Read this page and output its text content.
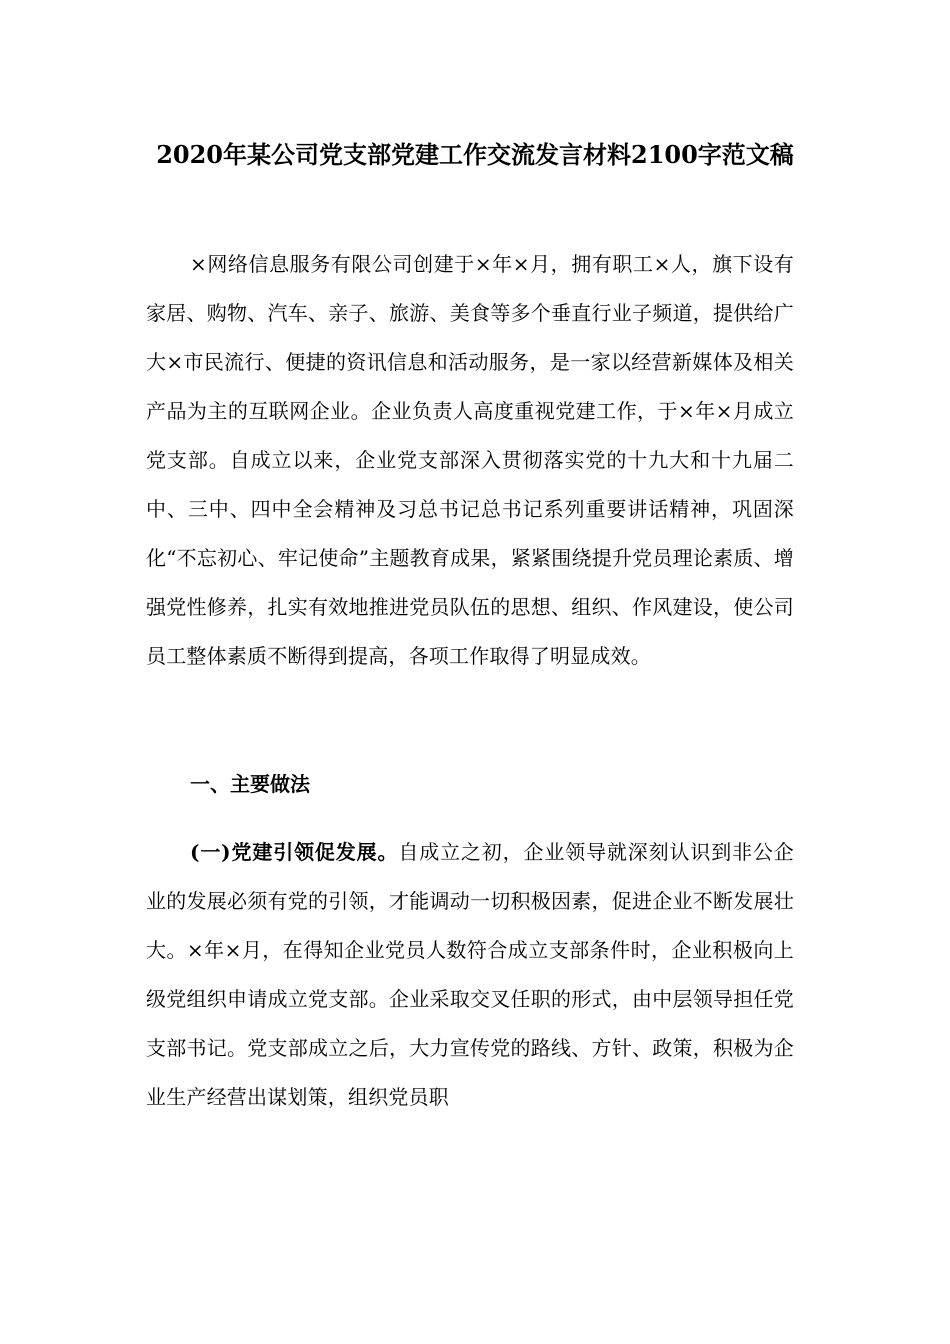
2020年某公司党支部党建工作交流发言材料2100字范文稿
×网络信息服务有限公司创建于×年×月，拥有职工×人，旗下设有家居、购物、汽车、亲子、旅游、美食等多个垂直行业子频道，提供给广大×市民流行、便捷的资讯信息和活动服务，是一家以经营新媒体及相关产品为主的互联网企业。企业负责人高度重视党建工作，于×年×月成立党支部。自成立以来，企业党支部深入贯彻落实党的十九大和十九届二中、三中、四中全会精神及习总书记总书记系列重要讲话精神，巩固深化“不忘初心、牢记使命”主题教育成果，紧紧围绕提升党员理论素质、增强党性修养，扎实有效地推进党员队伍的思想、组织、作风建设，使公司员工整体素质不断得到提高，各项工作取得了明显成效。
一、主要做法
(一)党建引领促发展。自成立之初，企业领导就深刻认识到非公企业的发展必须有党的引领，才能调动一切积极因素，促进企业不断发展壮大。×年×月，在得知企业党员人数符合成立支部条件时，企业积极向上级党组织申请成立党支部。企业采取交叉任职的形式，由中层领导担任党支部书记。党支部成立之后，大力宣传党的路线、方针、政策，积极为企业生产经营出谋划策，组织党员职
